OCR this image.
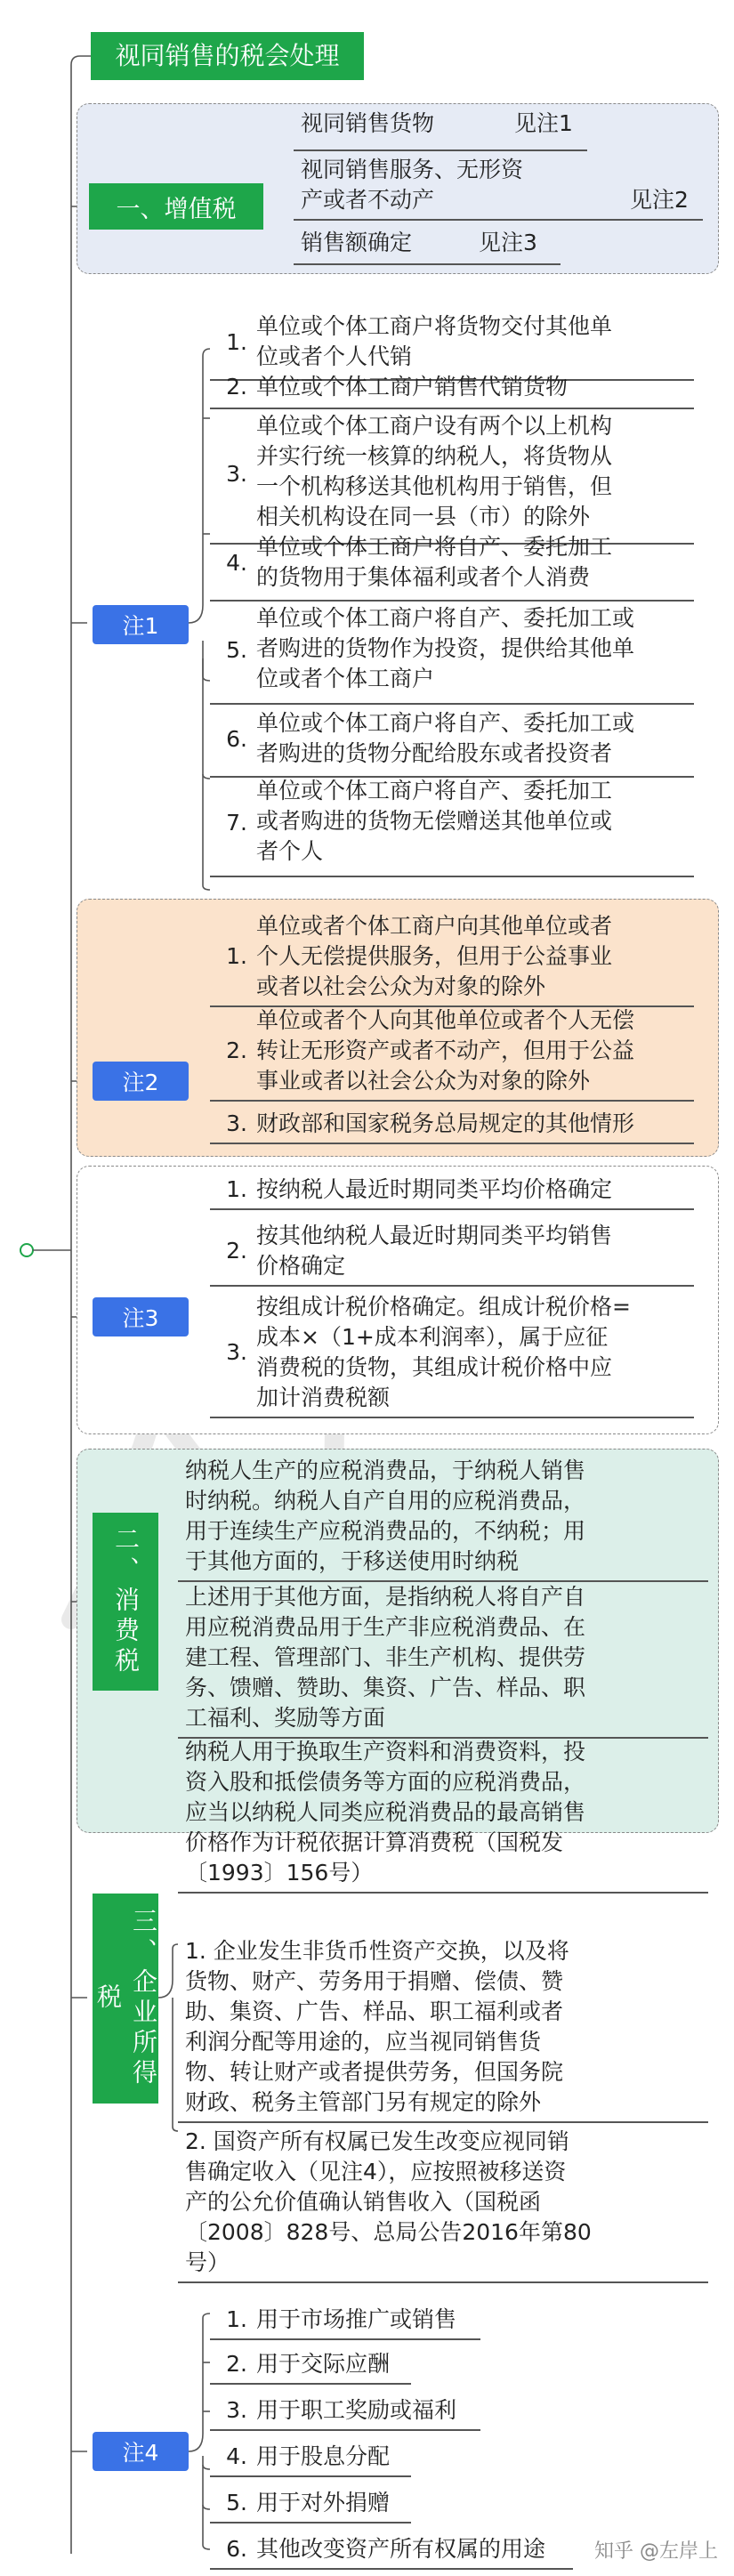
视同销售的税会处理
一、增值税
视同销售货物	见注1
视同销售服务、无形资
产或者不动产	见注2
销售额确定	见注3
注1
1.
单位或个体工商户将货物交付其他单
位或者个人代销
2. 单位或个体工商户销售代销货物
3.
单位或个体工商户设有两个以上机构
并实行统一核算的纳税人，将货物从
一个机构移送其他机构用于销售，但
相关机构设在同一县（市）的除外
4.
单位或个体工商户将自产、委托加工
的货物用于集体福利或者个人消费
5.
单位或个体工商户将自产、委托加工或
者购进的货物作为投资，提供给其他单
位或者个体工商户
6.
单位或个体工商户将自产、委托加工或
者购进的货物分配给股东或者投资者
7.
单位或个体工商户将自产、委托加工
或者购进的货物无偿赠送其他单位或
者个人
注2
1.
单位或者个体工商户向其他单位或者
个人无偿提供服务，但用于公益事业
或者以社会公众为对象的除外
2.
单位或者个人向其他单位或者个人无偿
转让无形资产或者不动产，但用于公益
事业或者以社会公众为对象的除外
3. 财政部和国家税务总局规定的其他情形
注3
1. 按纳税人最近时期同类平均价格确定
2.
按其他纳税人最近时期同类平均销售
价格确定
3.
按组成计税价格确定。组成计税价格=
成本×（1+成本利润率），属于应征
消费税的货物，其组成计税价格中应
加计消费税额
二、消费税
纳税人生产的应税消费品，于纳税人销售
时纳税。纳税人自产自用的应税消费品，
用于连续生产应税消费品的，不纳税；用
于其他方面的，于移送使用时纳税
上述用于其他方面，是指纳税人将自产自
用应税消费品用于生产非应税消费品、在
建工程、管理部门、非生产机构、提供劳
务、馈赠、赞助、集资、广告、样品、职
工福利、奖励等方面
纳税人用于换取生产资料和消费资料，投
资入股和抵偿债务等方面的应税消费品，
应当以纳税人同类应税消费品的最高销售
价格作为计税依据计算消费税（国税发
〔1993〕156号）
三、企业所得税
1. 企业发生非货币性资产交换，以及将
货物、财产、劳务用于捐赠、偿债、赞
助、集资、广告、样品、职工福利或者
利润分配等用途的，应当视同销售货
物、转让财产或者提供劳务，但国务院
财政、税务主管部门另有规定的除外
2. 国资产所有权属已发生改变应视同销
售确定收入（见注4），应按照被移送资
产的公允价值确认销售收入（国税函
〔2008〕828号、总局公告2016年第80
号）
注4
1. 用于市场推广或销售
2. 用于交际应酬
3. 用于职工奖励或福利
4. 用于股息分配
5. 用于对外捐赠
6. 其他改变资产所有权属的用途	知乎 @左岸上
